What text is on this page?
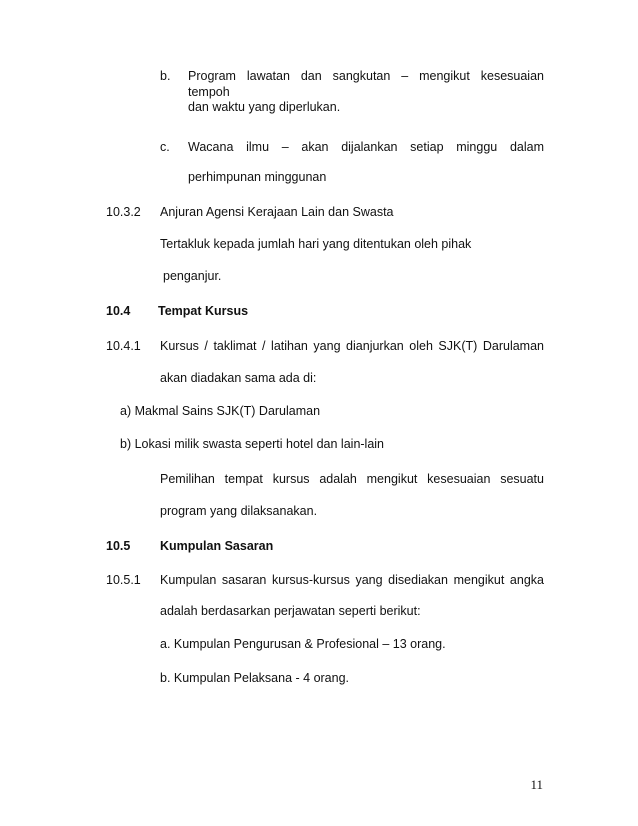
b. Program lawatan dan sangkutan – mengikut kesesuaian tempoh
dan waktu yang diperlukan.
c. Wacana ilmu – akan dijalankan setiap minggu dalam
perhimpunan minggunan
10.3.2 Anjuran Agensi Kerajaan Lain dan Swasta
Tertakluk kepada jumlah hari yang ditentukan oleh pihak
penganjur.
10.4 Tempat Kursus
10.4.1 Kursus / taklimat / latihan yang dianjurkan oleh SJK(T) Darulaman
akan diadakan sama ada di:
a) Makmal Sains SJK(T) Darulaman
b) Lokasi milik swasta seperti hotel dan lain-lain
Pemilihan tempat kursus adalah mengikut kesesuaian sesuatu
program yang dilaksanakan.
10.5 Kumpulan Sasaran
10.5.1 Kumpulan sasaran kursus-kursus yang disediakan mengikut angka
adalah berdasarkan perjawatan seperti berikut:
a. Kumpulan Pengurusan & Profesional – 13 orang.
b. Kumpulan Pelaksana - 4 orang.
11
